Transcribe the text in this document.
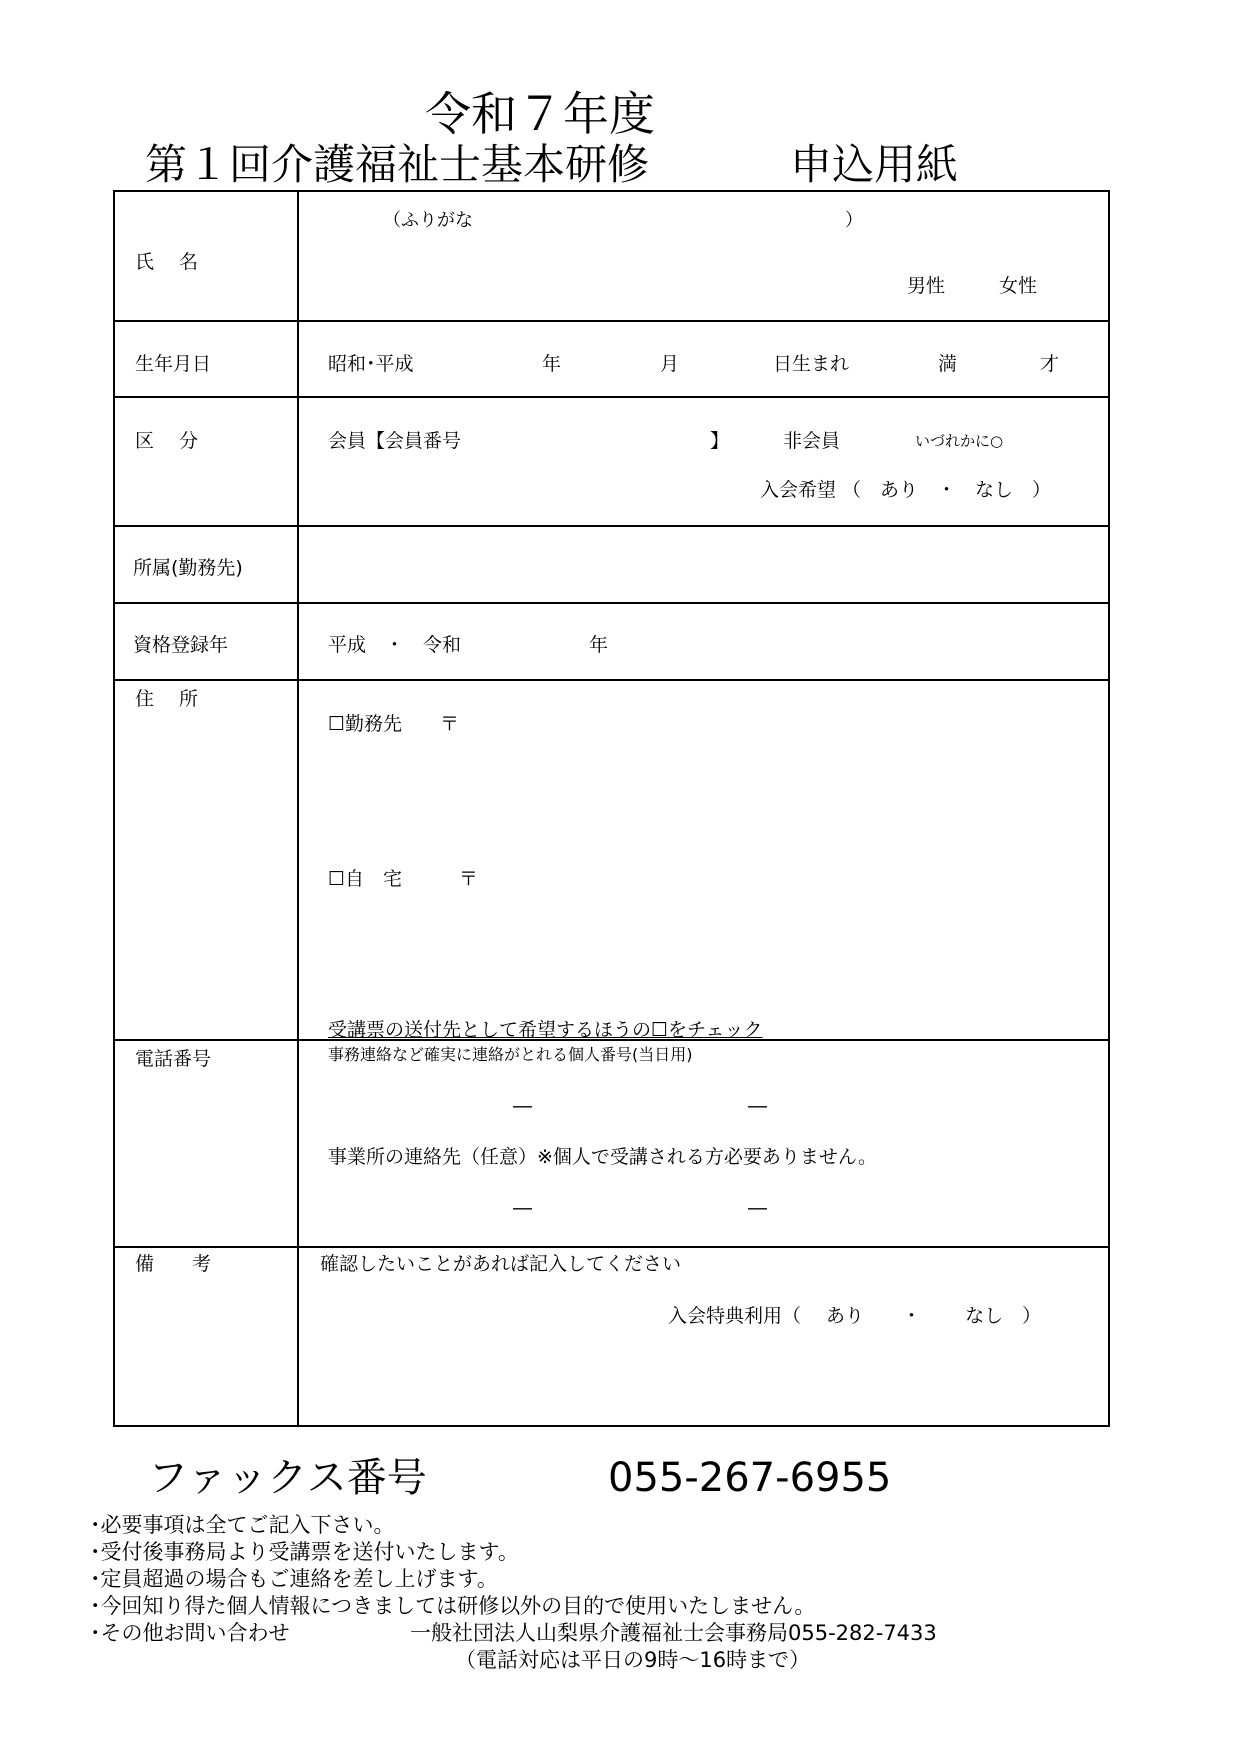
令和７年度
第１回介護福祉士基本研修	申込用紙
氏　 名
（ふりがな	）
男性	女性
生年月日	昭和･平成	年	月	日生まれ	満	才
区　 分	会員【会員番号	】	非会員	いづれかに○
入会希望 （　あり　・　なし　）
所属(勤務先)
資格登録年	平成　・　令和	年
住　 所
☐勤務先　　〒
☐自　宅　　　〒
受講票の送付先として希望するほうの☐をチェック
電話番号	事務連絡など確実に連絡がとれる個人番号(当日用)
―	―
事業所の連絡先（任意）※個人で受講される方必要ありません。
―	―
備　　考	確認したいことがあれば記入してください
入会特典利用（　 あり　　・　　 なし　）
ファックス番号	055-267-6955
･必要事項は全てご記入下さい。
･受付後事務局より受講票を送付いたします。
･定員超過の場合もご連絡を差し上げます。
･今回知り得た個人情報につきましては研修以外の目的で使用いたしません。
･その他お問い合わせ	一般社団法人山梨県介護福祉士会事務局055-282-7433
（電話対応は平日の9時～16時まで）
